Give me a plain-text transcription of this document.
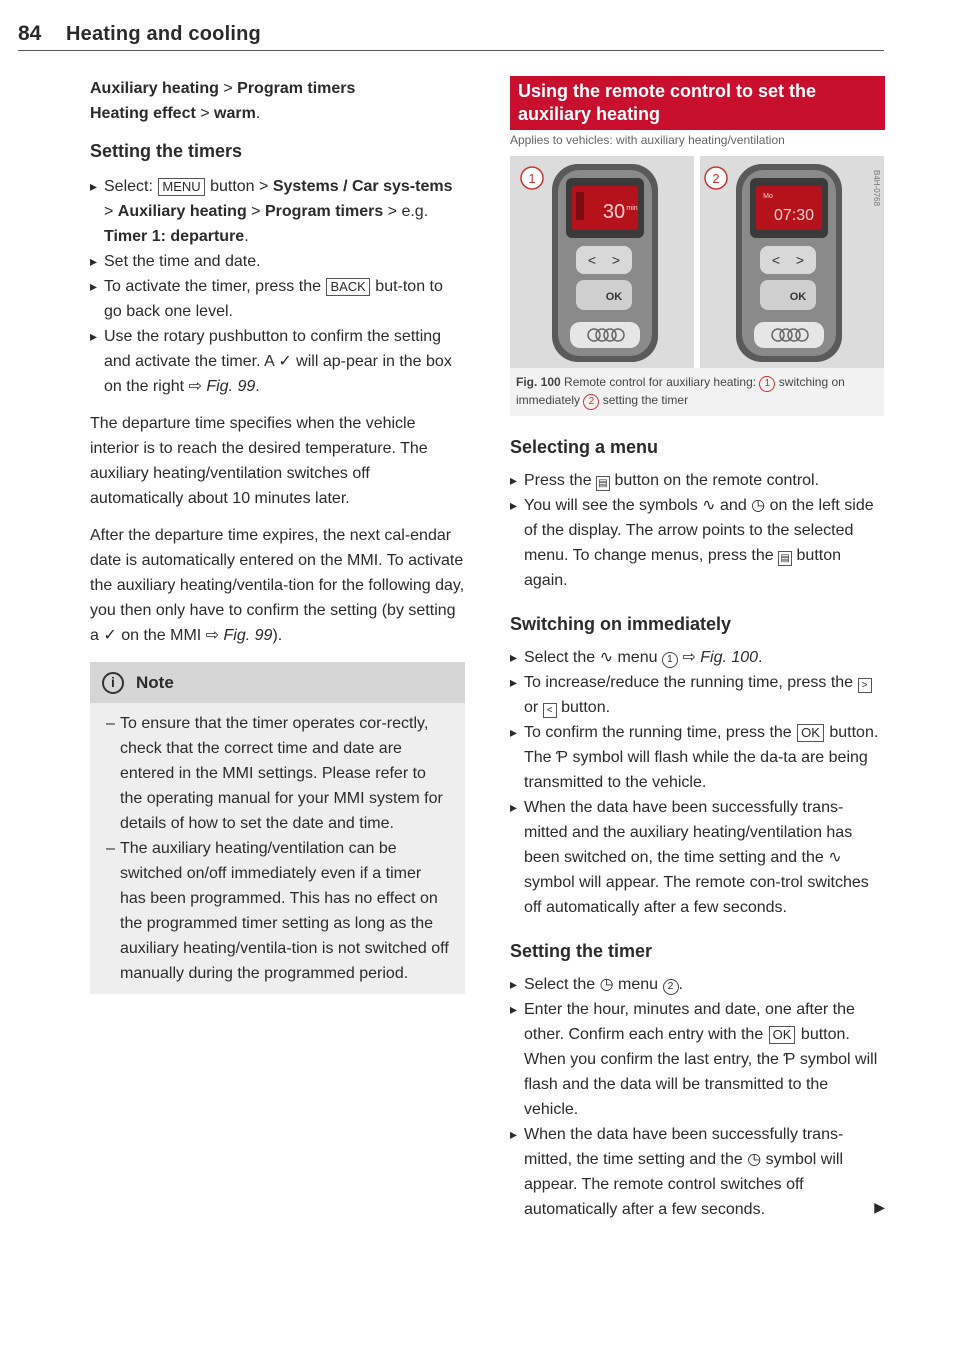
84 Heating and cooling

Auxiliary heating > Program timers

Heating effect > warm.

Setting the timers
▸ Select: MENU button > Systems / Car sys-tems > Auxiliary heating > Program timers > e.g. Timer 1: departure.
▸ Set the time and date.
▸ To activate the timer, press the BACK but-ton to go back one level.
▸ Use the rotary pushbutton to confirm the setting and activate the timer. A ✓ will ap-pear in the box on the right ⇨ Fig. 99.

The departure time specifies when the vehicle interior is to reach the desired temperature. The auxiliary heating/ventilation switches off automatically about 10 minutes later.

After the departure time expires, the next cal-endar date is automatically entered on the MMI. To activate the auxiliary heating/ventila-tion for the following day, you then only have to confirm the setting (by setting a ✓ on the MMI ⇨ Fig. 99).

i	Note
– To ensure that the timer operates cor-rectly, check that the correct time and date are entered in the MMI settings. Please refer to the operating manual for your MMI system for details of how to set the date and time.
– The auxiliary heating/ventilation can be switched on/off immediately even if a timer has been programmed. This has no effect on the programmed timer setting as long as the auxiliary heating/ventila-tion is not switched off manually during the programmed period.
Using the remote control to set the auxiliary heating
Applies to vehicles: with auxiliary heating/ventilation
30 min
< >
OK
Mo
07:30
< >
OK
1	2	B4H-0768
Fig. 100 Remote control for auxiliary heating: 1 switching on immediately 2 setting the timer
Selecting a menu
▸ Press the ▤ button on the remote control.
▸ You will see the symbols ∿ and ◷ on the left side of the display. The arrow points to the selected menu. To change menus, press the ▤ button again.
Switching on immediately
▸ Select the ∿ menu 1 ⇨ Fig. 100.
▸ To increase/reduce the running time, press the > or < button.
▸ To confirm the running time, press the OK button. The Ƥ symbol will flash while the da-ta are being transmitted to the vehicle.
▸ When the data have been successfully trans-mitted and the auxiliary heating/ventilation has been switched on, the time setting and the ∿ symbol will appear. The remote con-trol switches off automatically after a few seconds.
Setting the timer
▸ Select the ◷ menu 2 .
▸ Enter the hour, minutes and date, one after the other. Confirm each entry with the OK button. When you confirm the last entry, the Ƥ symbol will flash and the data will be transmitted to the vehicle.
▸ When the data have been successfully trans-mitted, the time setting and the ◷ symbol will appear. The remote control switches off automatically after a few seconds.	▶
